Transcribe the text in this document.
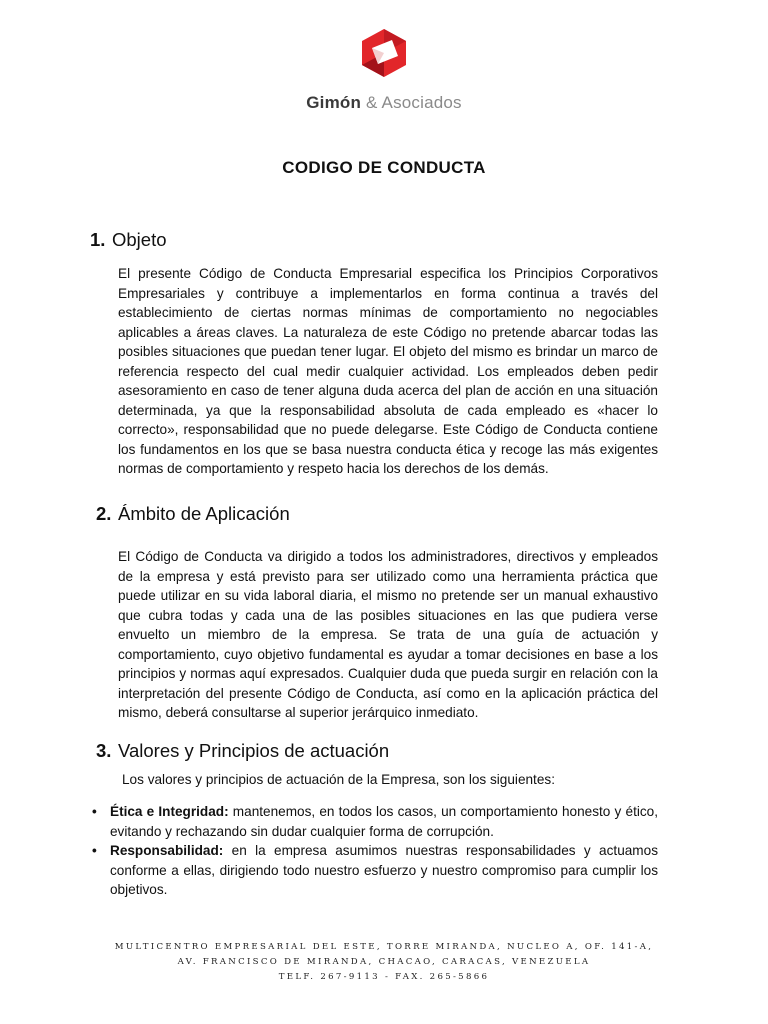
Gimón & Asociados
CODIGO DE CONDUCTA
1. Objeto

El presente Código de Conducta Empresarial especifica los Principios Corporativos Empresariales y contribuye a implementarlos en forma continua a través del establecimiento de ciertas normas mínimas de comportamiento no negociables aplicables a áreas claves. La naturaleza de este Código no pretende abarcar todas las posibles situaciones que puedan tener lugar. El objeto del mismo es brindar un marco de referencia respecto del cual medir cualquier actividad. Los empleados deben pedir asesoramiento en caso de tener alguna duda acerca del plan de acción en una situación determinada, ya que la responsabilidad absoluta de cada empleado es «hacer lo correcto», responsabilidad que no puede delegarse. Este Código de Conducta contiene los fundamentos en los que se basa nuestra conducta ética y recoge las más exigentes normas de comportamiento y respeto hacia los derechos de los demás.

2. Ámbito de Aplicación

El Código de Conducta va dirigido a todos los administradores, directivos y empleados de la empresa y está previsto para ser utilizado como una herramienta práctica que puede utilizar en su vida laboral diaria, el mismo no pretende ser un manual exhaustivo que cubra todas y cada una de las posibles situaciones en las que pudiera verse envuelto un miembro de la empresa. Se trata de una guía de actuación y comportamiento, cuyo objetivo fundamental es ayudar a tomar decisiones en base a los principios y normas aquí expresados. Cualquier duda que pueda surgir en relación con la interpretación del presente Código de Conducta, así como en la aplicación práctica del mismo, deberá consultarse al superior jerárquico inmediato.

3. Valores y Principios de actuación
Los valores y principios de actuación de la Empresa, son los siguientes:
• Ética e Integridad: mantenemos, en todos los casos, un comportamiento honesto y ético, evitando y rechazando sin dudar cualquier forma de corrupción.
• Responsabilidad: en la empresa asumimos nuestras responsabilidades y actuamos conforme a ellas, dirigiendo todo nuestro esfuerzo y nuestro compromiso para cumplir los objetivos.
MULTICENTRO EMPRESARIAL DEL ESTE, TORRE MIRANDA, NUCLEO A, OF. 141-A,
AV. FRANCISCO DE MIRANDA, CHACAO, CARACAS, VENEZUELA
TELF. 267-9113 - FAX. 265-5866
